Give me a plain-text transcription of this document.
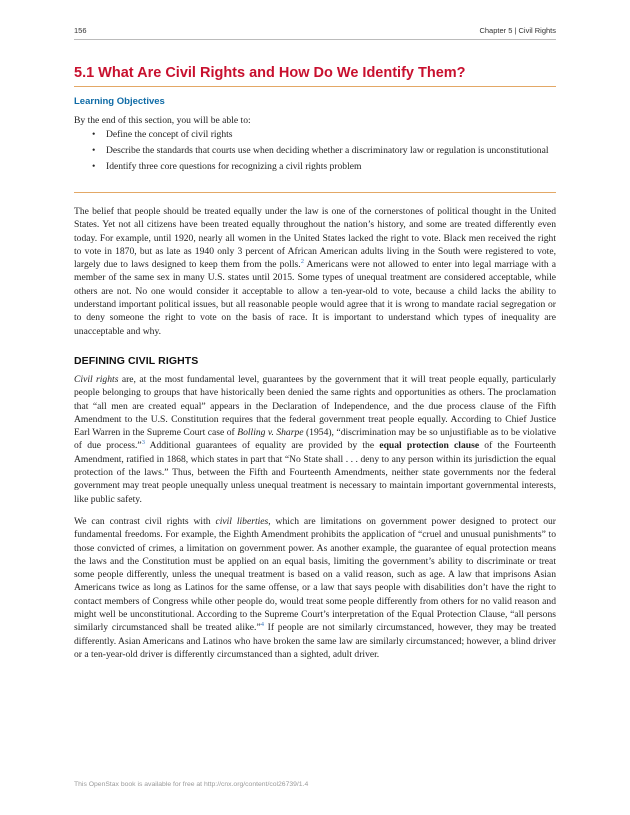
156	Chapter 5 | Civil Rights
5.1 What Are Civil Rights and How Do We Identify Them?
Learning Objectives
By the end of this section, you will be able to:
• Define the concept of civil rights
• Describe the standards that courts use when deciding whether a discriminatory law or regulation is unconstitutional
• Identify three core questions for recognizing a civil rights problem

The belief that people should be treated equally under the law is one of the cornerstones of political thought in the United States. Yet not all citizens have been treated equally throughout the nation’s history, and some are treated differently even today. For example, until 1920, nearly all women in the United States lacked the right to vote. Black men received the right to vote in 1870, but as late as 1940 only 3 percent of African American adults living in the South were registered to vote, largely due to laws designed to keep them from the polls.$^2$ Americans were not allowed to enter into legal marriage with a member of the same sex in many U.S. states until 2015. Some types of unequal treatment are considered acceptable, while others are not. No one would consider it acceptable to allow a ten-year-old to vote, because a child lacks the ability to understand important political issues, but all reasonable people would agree that it is wrong to mandate racial segregation or to deny someone the right to vote on the basis of race. It is important to understand which types of inequality are unacceptable and why.

DEFINING CIVIL RIGHTS

Civil rights are, at the most fundamental level, guarantees by the government that it will treat people equally, particularly people belonging to groups that have historically been denied the same rights and opportunities as others. The proclamation that “all men are created equal” appears in the Declaration of Independence, and the due process clause of the Fifth Amendment to the U.S. Constitution requires that the federal government treat people equally. According to Chief Justice Earl Warren in the Supreme Court case of Bolling v. Sharpe (1954), “discrimination may be so unjustifiable as to be violative of due process.”$^3$ Additional guarantees of equality are provided by the equal protection clause of the Fourteenth Amendment, ratified in 1868, which states in part that “No State shall . . . deny to any person within its jurisdiction the equal protection of the laws.” Thus, between the Fifth and Fourteenth Amendments, neither state governments nor the federal government may treat people unequally unless unequal treatment is necessary to maintain important governmental interests, like public safety.

We can contrast civil rights with civil liberties, which are limitations on government power designed to protect our fundamental freedoms. For example, the Eighth Amendment prohibits the application of “cruel and unusual punishments” to those convicted of crimes, a limitation on government power. As another example, the guarantee of equal protection means the laws and the Constitution must be applied on an equal basis, limiting the government’s ability to discriminate or treat some people differently, unless the unequal treatment is based on a valid reason, such as age. A law that imprisons Asian Americans twice as long as Latinos for the same offense, or a law that says people with disabilities don’t have the right to contact members of Congress while other people do, would treat some people differently from others for no valid reason and might well be unconstitutional. According to the Supreme Court’s interpretation of the Equal Protection Clause, “all persons similarly circumstanced shall be treated alike.”$^4$ If people are not similarly circumstanced, however, they may be treated differently. Asian Americans and Latinos who have broken the same law are similarly circumstanced; however, a blind driver or a ten-year-old driver is differently circumstanced than a sighted, adult driver.

This OpenStax book is available for free at http://cnx.org/content/col26739/1.4
